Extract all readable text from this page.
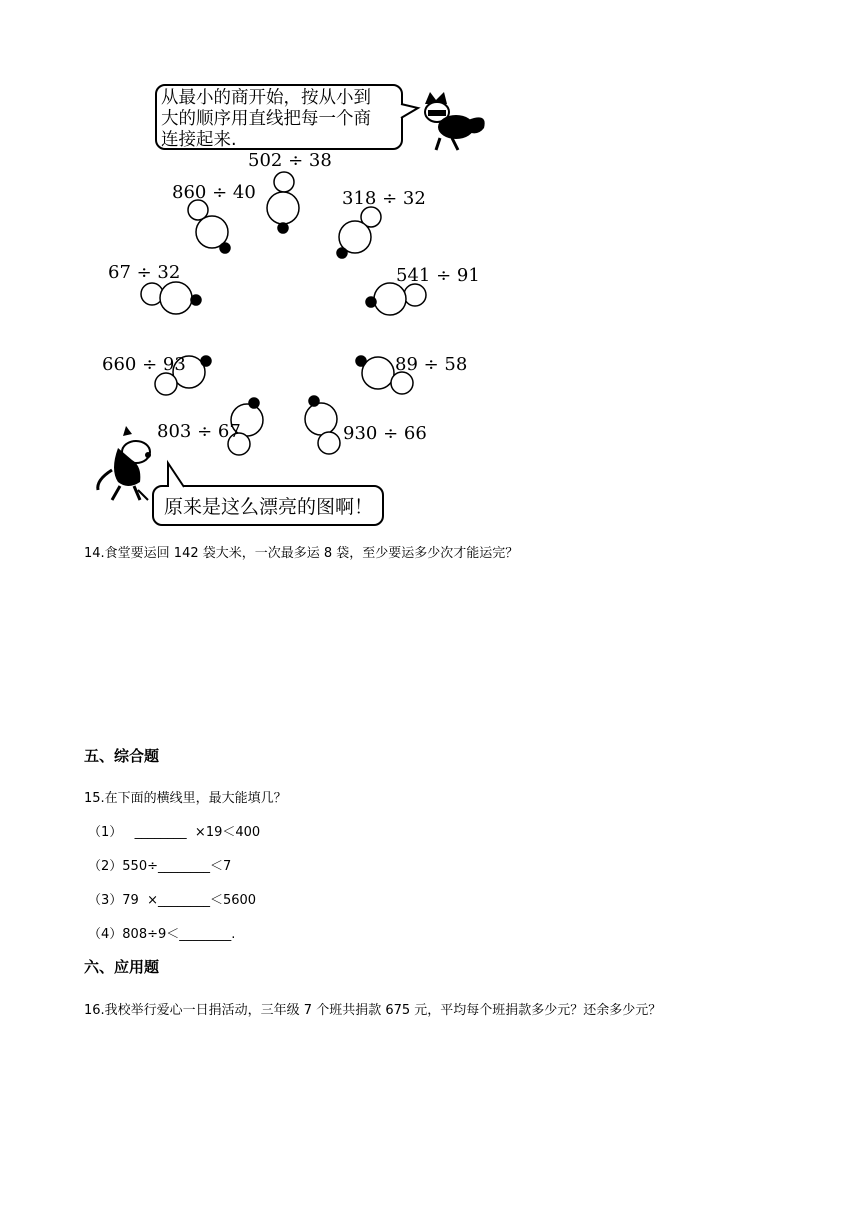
从最小的商开始，按从小到
大的顺序用直线把每一个商
连接起来.
原来是这么漂亮的图啊！
502 ÷ 38
860 ÷ 40	318 ÷ 32
67 ÷ 32	541 ÷ 91
660 ÷ 93	89 ÷ 58
803 ÷ 67	930 ÷ 66
14.食堂要运回 142 袋大米，一次最多运 8 袋，至少要运多少次才能运完？
五、综合题
15.在下面的横线里，最大能填几？
（1）   ________  ×19＜400
（2）550÷________＜7
（3）79  ×________＜5600
（4）808÷9＜________.
六、应用题
16.我校举行爱心一日捐活动，三年级 7 个班共捐款 675 元，平均每个班捐款多少元？还余多少元？
